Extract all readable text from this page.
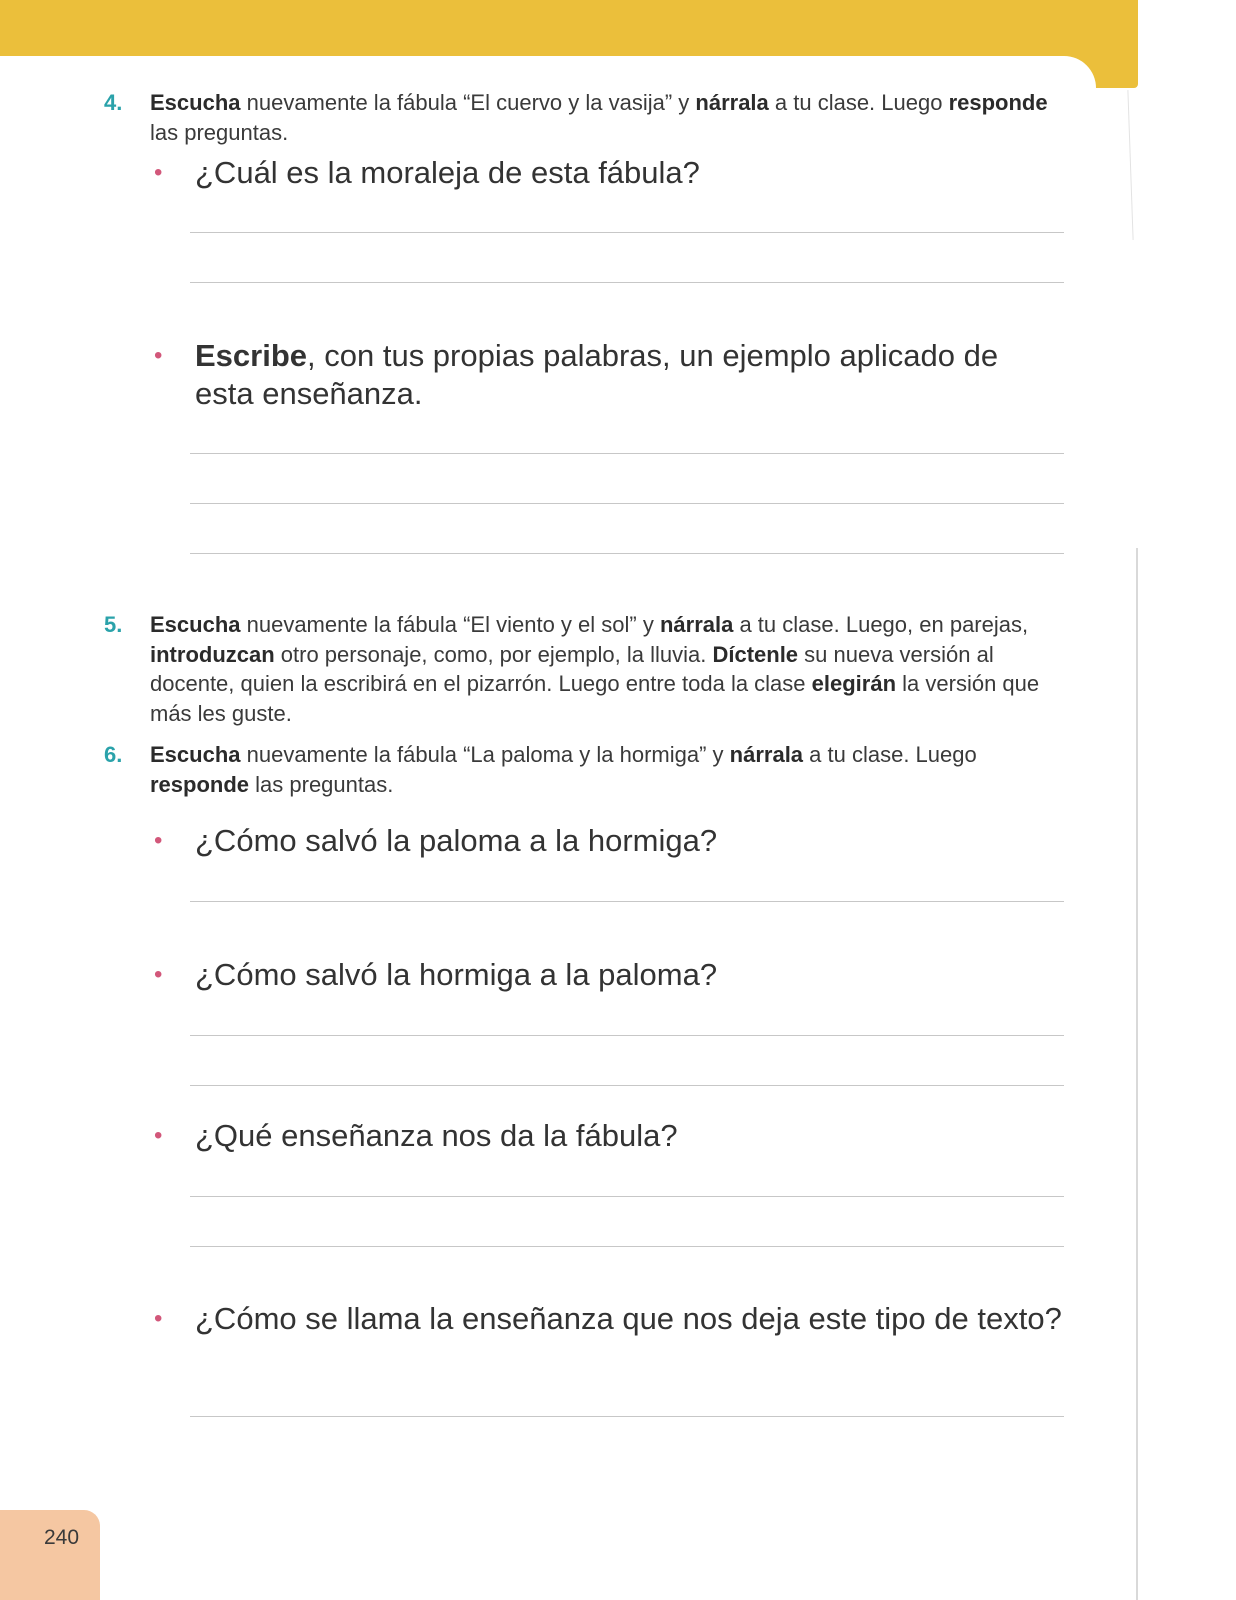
4. Escucha nuevamente la fábula “El cuervo y la vasija” y nárrala a tu clase. Luego responde las preguntas.
• ¿Cuál es la moraleja de esta fábula?
• Escribe, con tus propias palabras, un ejemplo aplicado de esta enseñanza.
5. Escucha nuevamente la fábula “El viento y el sol” y nárrala a tu clase. Luego, en parejas, introduzcan otro personaje, como, por ejemplo, la lluvia. Díctenle su nueva versión al docente, quien la escribirá en el pizarrón. Luego entre toda la clase elegirán la versión que más les guste.
6. Escucha nuevamente la fábula “La paloma y la hormiga” y nárrala a tu clase. Luego responde las preguntas.
• ¿Cómo salvó la paloma a la hormiga?
• ¿Cómo salvó la hormiga a la paloma?
• ¿Qué enseñanza nos da la fábula?
• ¿Cómo se llama la enseñanza que nos deja este tipo de texto?
240
